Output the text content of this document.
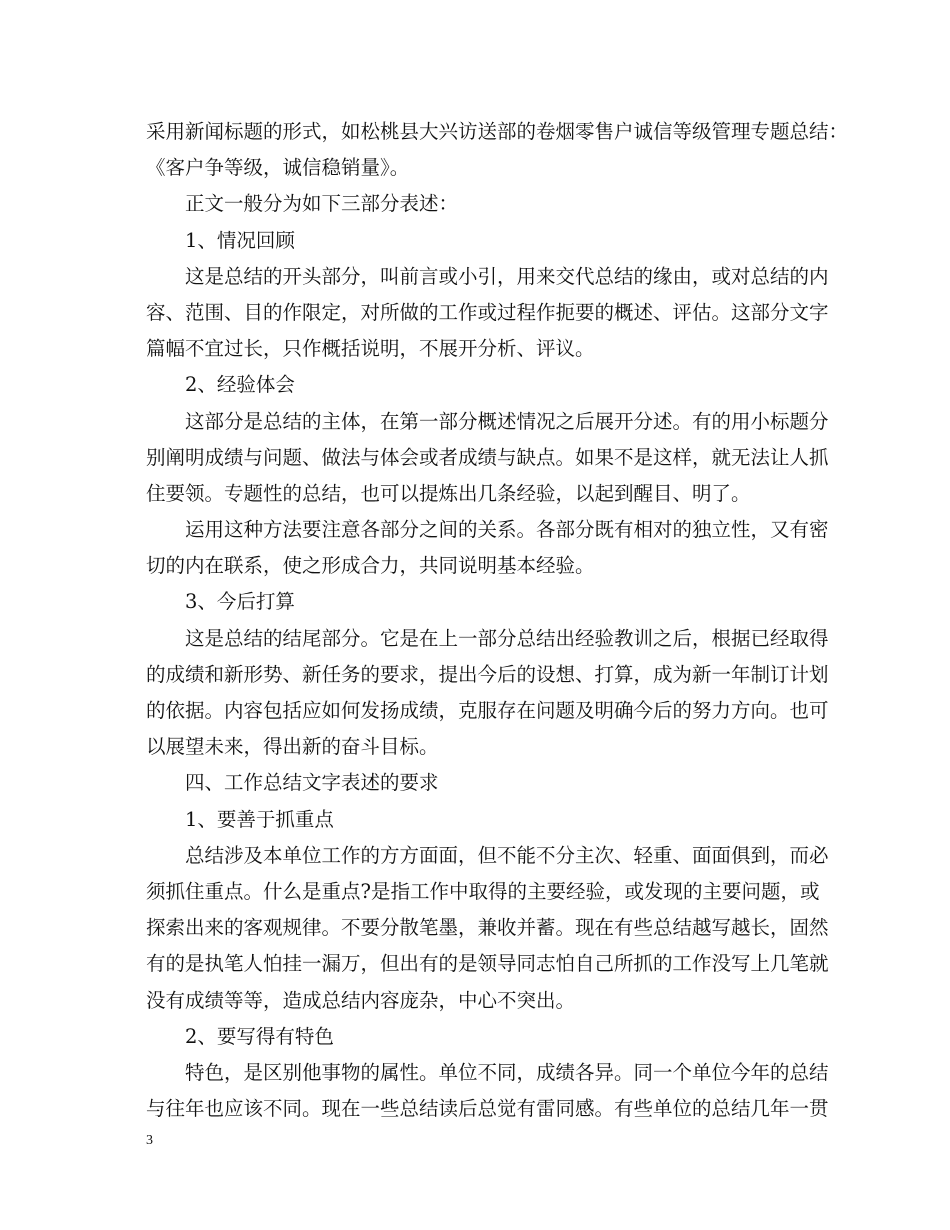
采用新闻标题的形式，如松桃县大兴访送部的卷烟零售户诚信等级管理专题总结：
《客户争等级，诚信稳销量》。
正文一般分为如下三部分表述：
1、情况回顾
这是总结的开头部分，叫前言或小引，用来交代总结的缘由，或对总结的内
容、范围、目的作限定，对所做的工作或过程作扼要的概述、评估。这部分文字
篇幅不宜过长，只作概括说明，不展开分析、评议。
2、经验体会
这部分是总结的主体，在第一部分概述情况之后展开分述。有的用小标题分
别阐明成绩与问题、做法与体会或者成绩与缺点。如果不是这样，就无法让人抓
住要领。专题性的总结，也可以提炼出几条经验，以起到醒目、明了。
运用这种方法要注意各部分之间的关系。各部分既有相对的独立性，又有密
切的内在联系，使之形成合力，共同说明基本经验。
3、今后打算
这是总结的结尾部分。它是在上一部分总结出经验教训之后，根据已经取得
的成绩和新形势、新任务的要求，提出今后的设想、打算，成为新一年制订计划
的依据。内容包括应如何发扬成绩，克服存在问题及明确今后的努力方向。也可
以展望未来，得出新的奋斗目标。
四、工作总结文字表述的要求
1、要善于抓重点
总结涉及本单位工作的方方面面，但不能不分主次、轻重、面面俱到，而必
须抓住重点。什么是重点?是指工作中取得的主要经验，或发现的主要问题，或
探索出来的客观规律。不要分散笔墨，兼收并蓄。现在有些总结越写越长，固然
有的是执笔人怕挂一漏万，但出有的是领导同志怕自己所抓的工作没写上几笔就
没有成绩等等，造成总结内容庞杂，中心不突出。
2、要写得有特色
特色，是区别他事物的属性。单位不同，成绩各异。同一个单位今年的总结
与往年也应该不同。现在一些总结读后总觉有雷同感。有些单位的总结几年一贯
3
